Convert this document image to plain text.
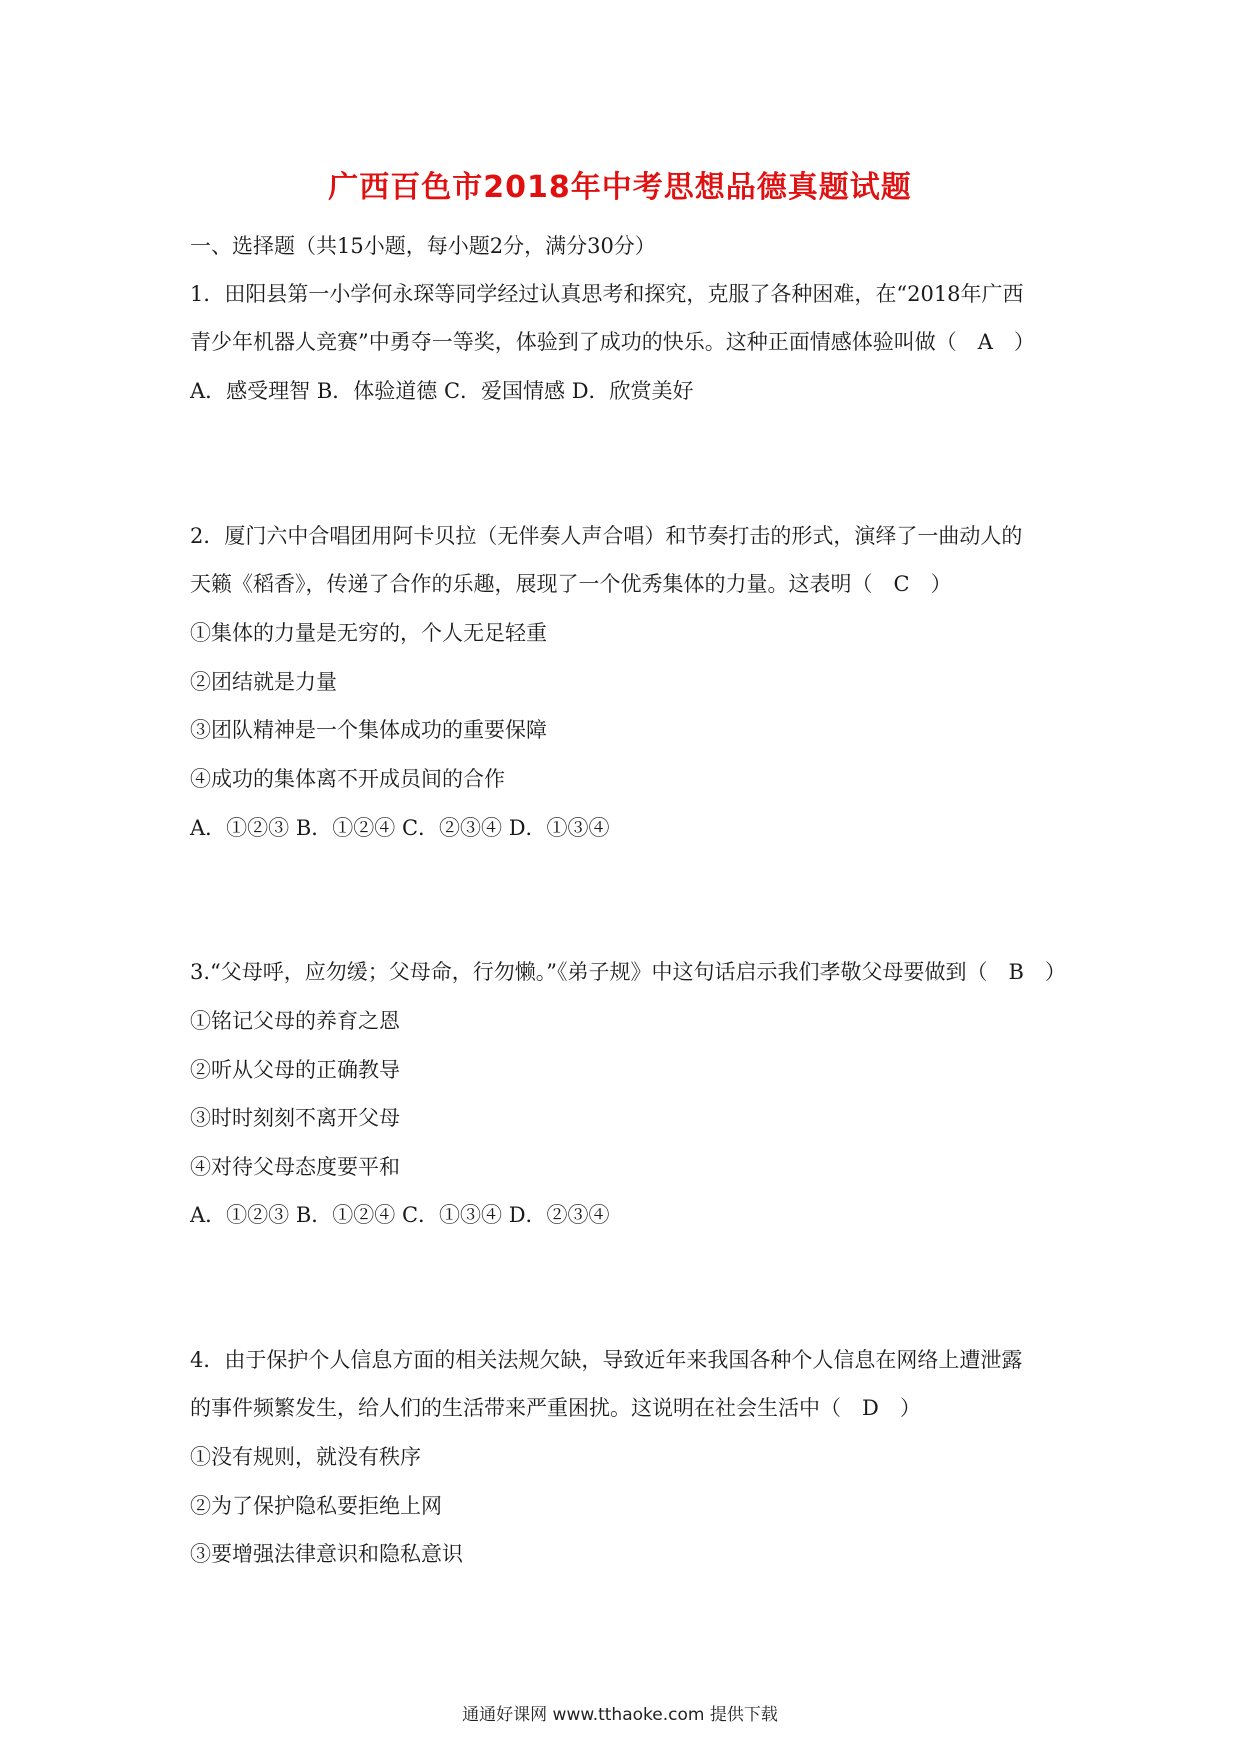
广西百色市2018年中考思想品德真题试题
一、选择题（共15小题，每小题2分，满分30分）
1．田阳县第一小学何永琛等同学经过认真思考和探究，克服了各种困难，在“2018年广西
青少年机器人竞赛”中勇夺一等奖，体验到了成功的快乐。这种正面情感体验叫做（　A　）
A．感受理智 B．体验道德 C．爱国情感 D．欣赏美好
2．厦门六中合唱团用阿卡贝拉（无伴奏人声合唱）和节奏打击的形式，演绎了一曲动人的
天籁《稻香》，传递了合作的乐趣，展现了一个优秀集体的力量。这表明（　C　）
①集体的力量是无穷的，个人无足轻重
②团结就是力量
③团队精神是一个集体成功的重要保障
④成功的集体离不开成员间的合作
A．①②③ B．①②④ C．②③④ D．①③④
3.“父母呼，应勿缓；父母命，行勿懒。”《弟子规》中这句话启示我们孝敬父母要做到（　B　）
①铭记父母的养育之恩
②听从父母的正确教导
③时时刻刻不离开父母
④对待父母态度要平和
A．①②③ B．①②④ C．①③④ D．②③④
4．由于保护个人信息方面的相关法规欠缺，导致近年来我国各种个人信息在网络上遭泄露
的事件频繁发生，给人们的生活带来严重困扰。这说明在社会生活中（　D　）
①没有规则，就没有秩序
②为了保护隐私要拒绝上网
③要增强法律意识和隐私意识
通通好课网 www.tthaoke.com 提供下载
